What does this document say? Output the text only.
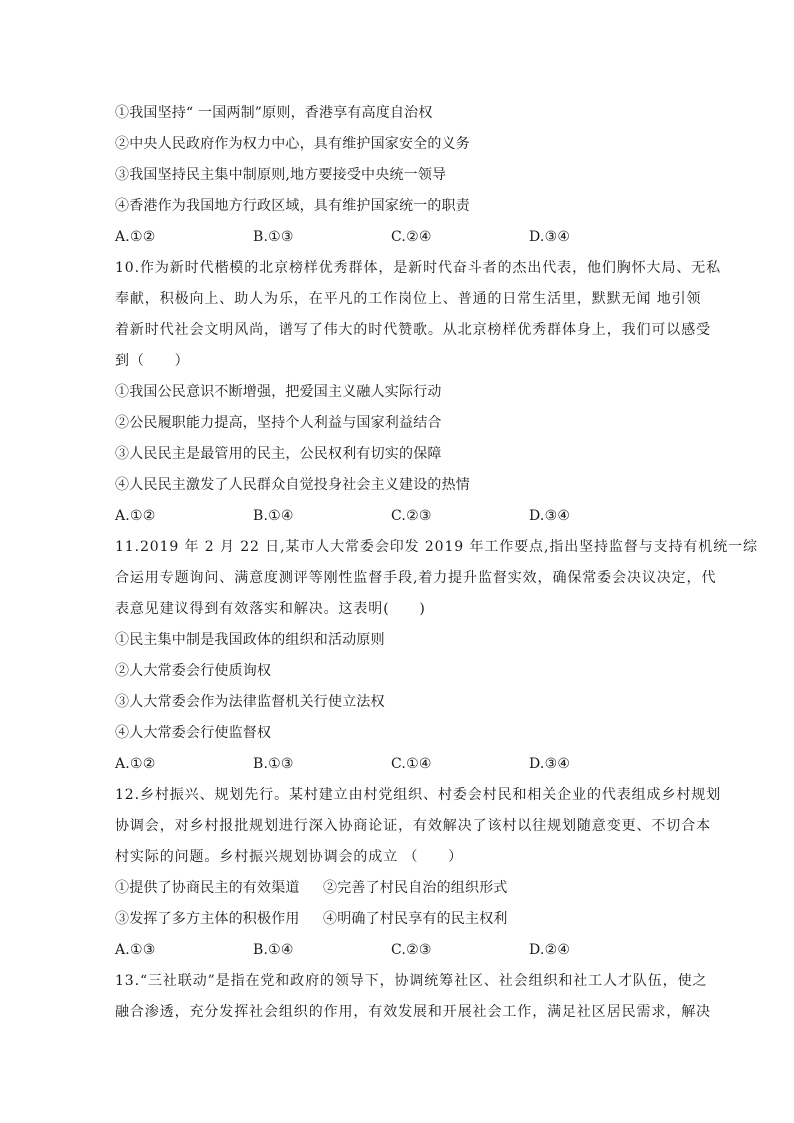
①我国坚持“ 一国两制”原则，香港享有高度自治权
②中央人民政府作为权力中心，具有维护国家安全的义务
③我国坚持民主集中制原则,地方要接受中央统一领导
④香港作为我国地方行政区域，具有维护国家统一的职责
A.①②	B.①③	C.②④	D.③④
10.作为新时代楷模的北京榜样优秀群体，是新时代奋斗者的杰出代表，他们胸怀大局、无私
奉献，积极向上、助人为乐，在平凡的工作岗位上、普通的日常生活里，默默无闻 地引领
着新时代社会文明风尚，谱写了伟大的时代赞歌。从北京榜样优秀群体身上，我们可以感受
到（　　）
①我国公民意识不断增强，把爱国主义融人实际行动
②公民履职能力提高，坚持个人利益与国家利益结合
③人民民主是最管用的民主，公民权利有切实的保障
④人民民主激发了人民群众自觉投身社会主义建设的热情
A.①②	B.①④	C.②③	D.③④
11.2019 年 2 月 22 日,某市人大常委会印发 2019 年工作要点,指出坚持监督与支持有机统一综
合运用专题询问、满意度测评等刚性监督手段,着力提升监督实效，确保常委会决议决定，代
表意见建议得到有效落实和解决。这表明(　　)
①民主集中制是我国政体的组织和活动原则
②人大常委会行使质询权
③人大常委会作为法律监督机关行使立法权
④人大常委会行使监督权
A.①②	B.①③	C.①④	D.③④
12.乡村振兴、规划先行。某村建立由村党组织、村委会村民和相关企业的代表组成乡村规划
协调会，对乡村报批规划进行深入协商论证，有效解决了该村以往规划随意变更、不切合本
村实际的问题。乡村振兴规划协调会的成立 （　　）
①提供了协商民主的有效渠道	②完善了村民自治的组织形式
③发挥了多方主体的积极作用	④明确了村民享有的民主权利
A.①③	B.①④	C.②③	D.②④
13.“三社联动”是指在党和政府的领导下，协调统筹社区、社会组织和社工人才队伍，使之
融合渗透，充分发挥社会组织的作用，有效发展和开展社会工作，满足社区居民需求，解决
